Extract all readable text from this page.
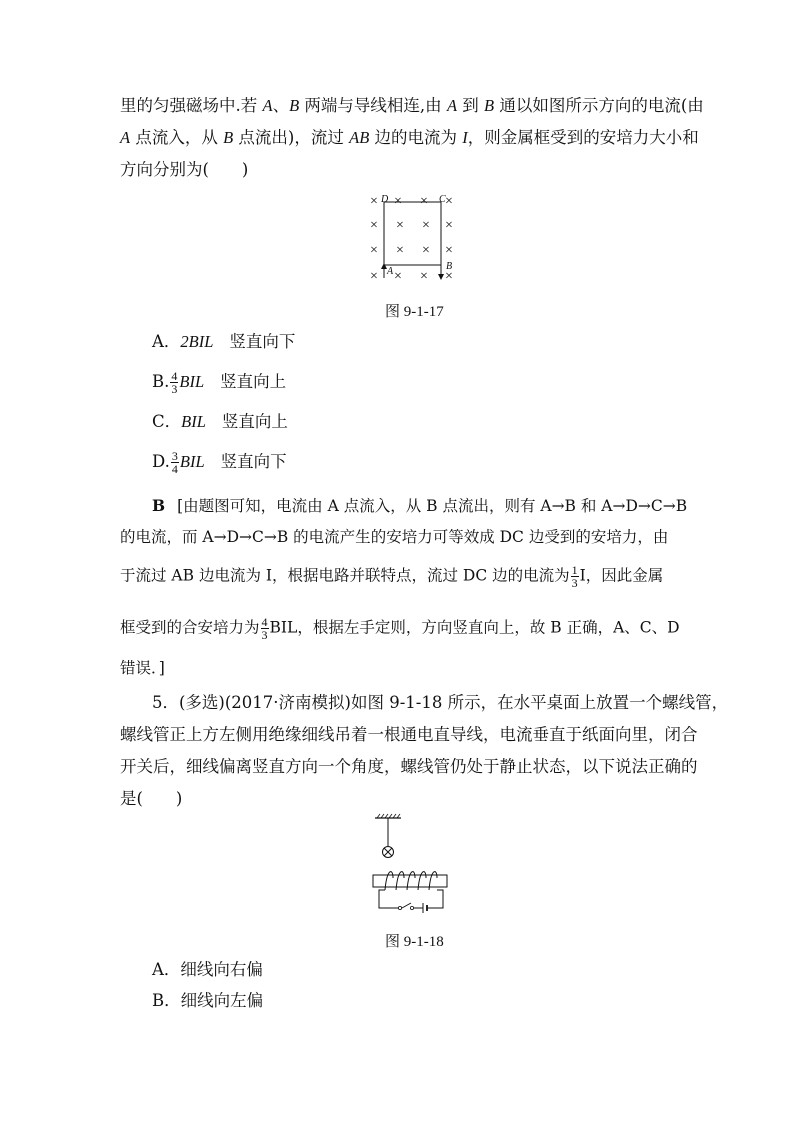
里的匀强磁场中.若 A、B 两端与导线相连,由 A 到 B 通以如图所示方向的电流(由
A 点流入，从 B 点流出)，流过 AB 边的电流为 I，则金属框受到的安培力大小和
方向分别为(　　)
× × × ×
× × × ×
× × × ×
× × × ×
D	C
A	B
图 9-1-17
A．2BIL 竖直向下
B. $\frac{4}{3}$ BIL 竖直向上
C．BIL 竖直向上
D. $\frac{3}{4}$ BIL 竖直向下
B [由题图可知，电流由 A 点流入，从 B 点流出，则有 A→B 和 A→D→C→B
的电流，而 A→D→C→B 的电流产生的安培力可等效成 DC 边受到的安培力，由
于流过 AB 边电流为 I，根据电路并联特点，流过 DC 边的电流为 $\frac{1}{3}$ I，因此金属
框受到的合安培力为 $\frac{4}{3}$ BIL，根据左手定则，方向竖直向上，故 B 正确，A、C、D
错误．]
5．(多选)(2017·济南模拟)如图 9-1-18 所示，在水平桌面上放置一个螺线管，
螺线管正上方左侧用绝缘细线吊着一根通电直导线，电流垂直于纸面向里，闭合
开关后，细线偏离竖直方向一个角度，螺线管仍处于静止状态，以下说法正确的
是(　　)
图 9-1-18
A．细线向右偏
B．细线向左偏
